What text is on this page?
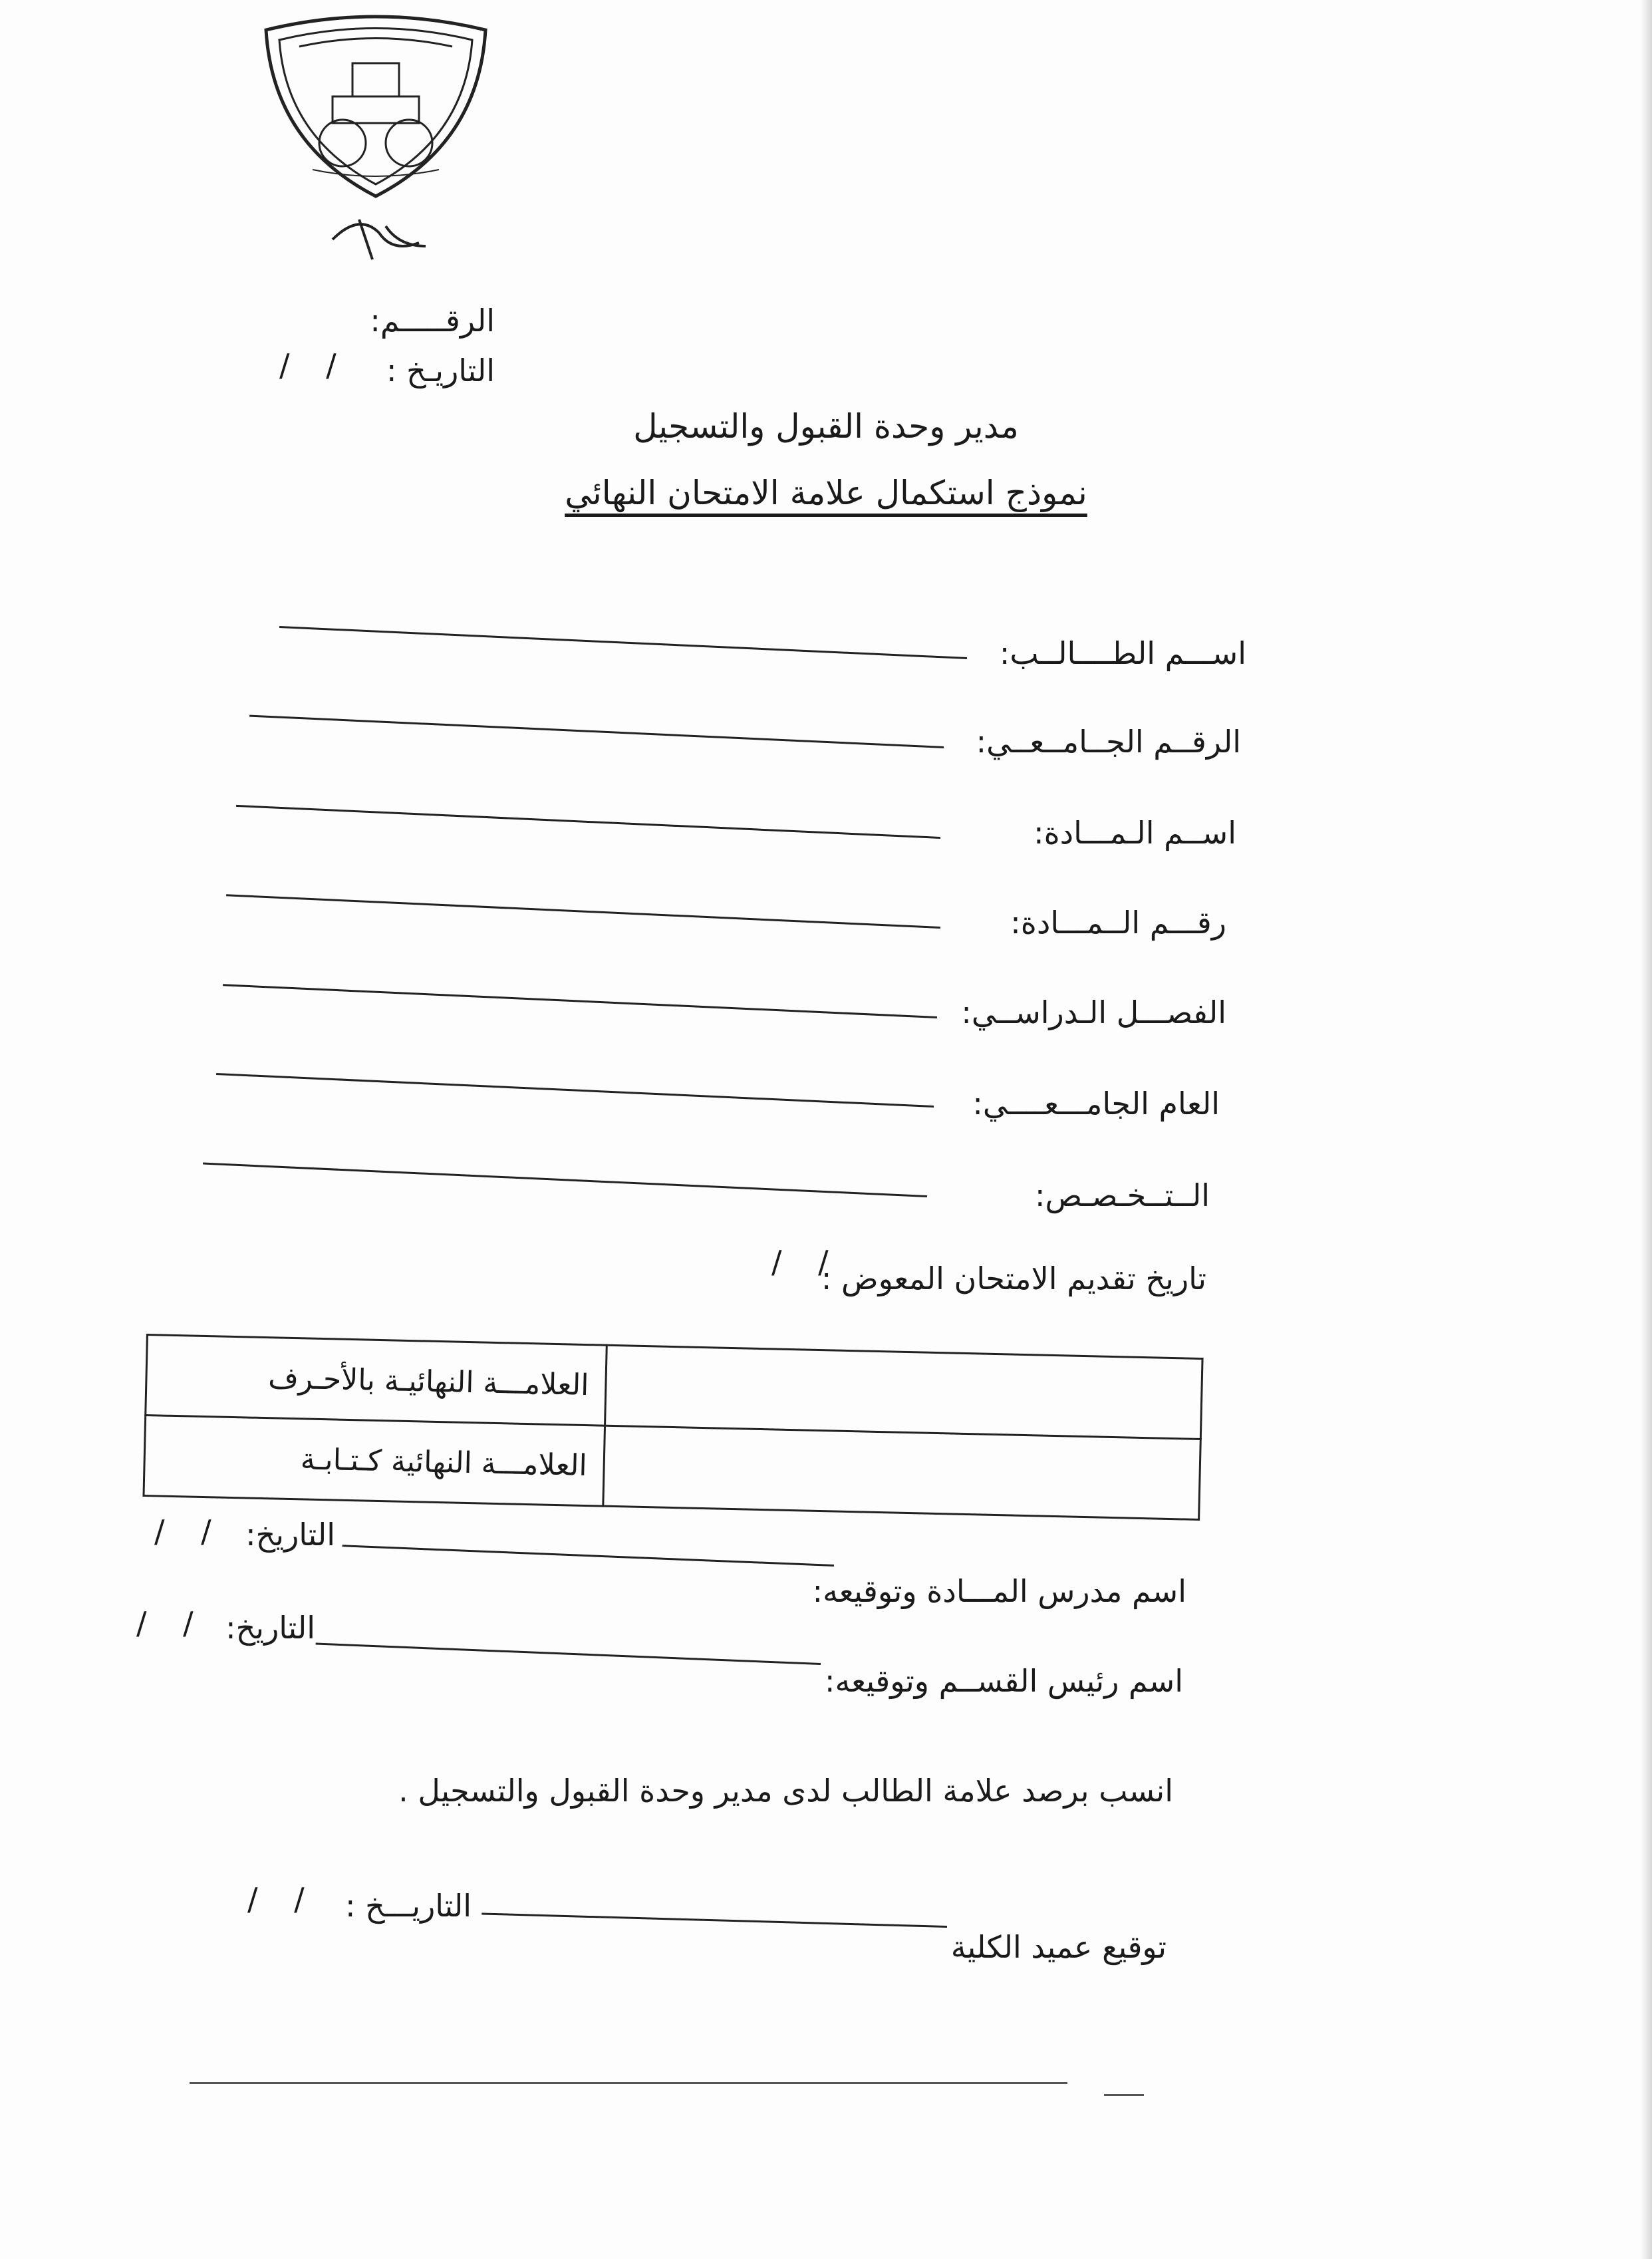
الرقـــــم:
التاريـخ :
/ /
مدير وحدة القبول والتسجيل
نموذج استكمال علامة الامتحان النهائي
اســـم الطــــالــب:
الرقــم الجــامــعــي:
اســم الـمـــادة:
رقـــم الــمـــادة:
الفصـــل الـدراســي:
العام الجامـــعــــي:
الــتــخـصـص:
تاريخ تقديم الامتحان المعوض :
/ /
العلامـــة النهائيـة بالأحـرف	
العلامـــة النهائية كـتـابـة	
التاريخ:
/ /
اسم مدرس المـــادة وتوقيعه:
التاريخ:
/ /
اسم رئيس القســم وتوقيعه:
انسب برصد علامة الطالب لدى مدير وحدة القبول والتسجيل .
التاريـــخ :
/ /
توقيع عميد الكلية
